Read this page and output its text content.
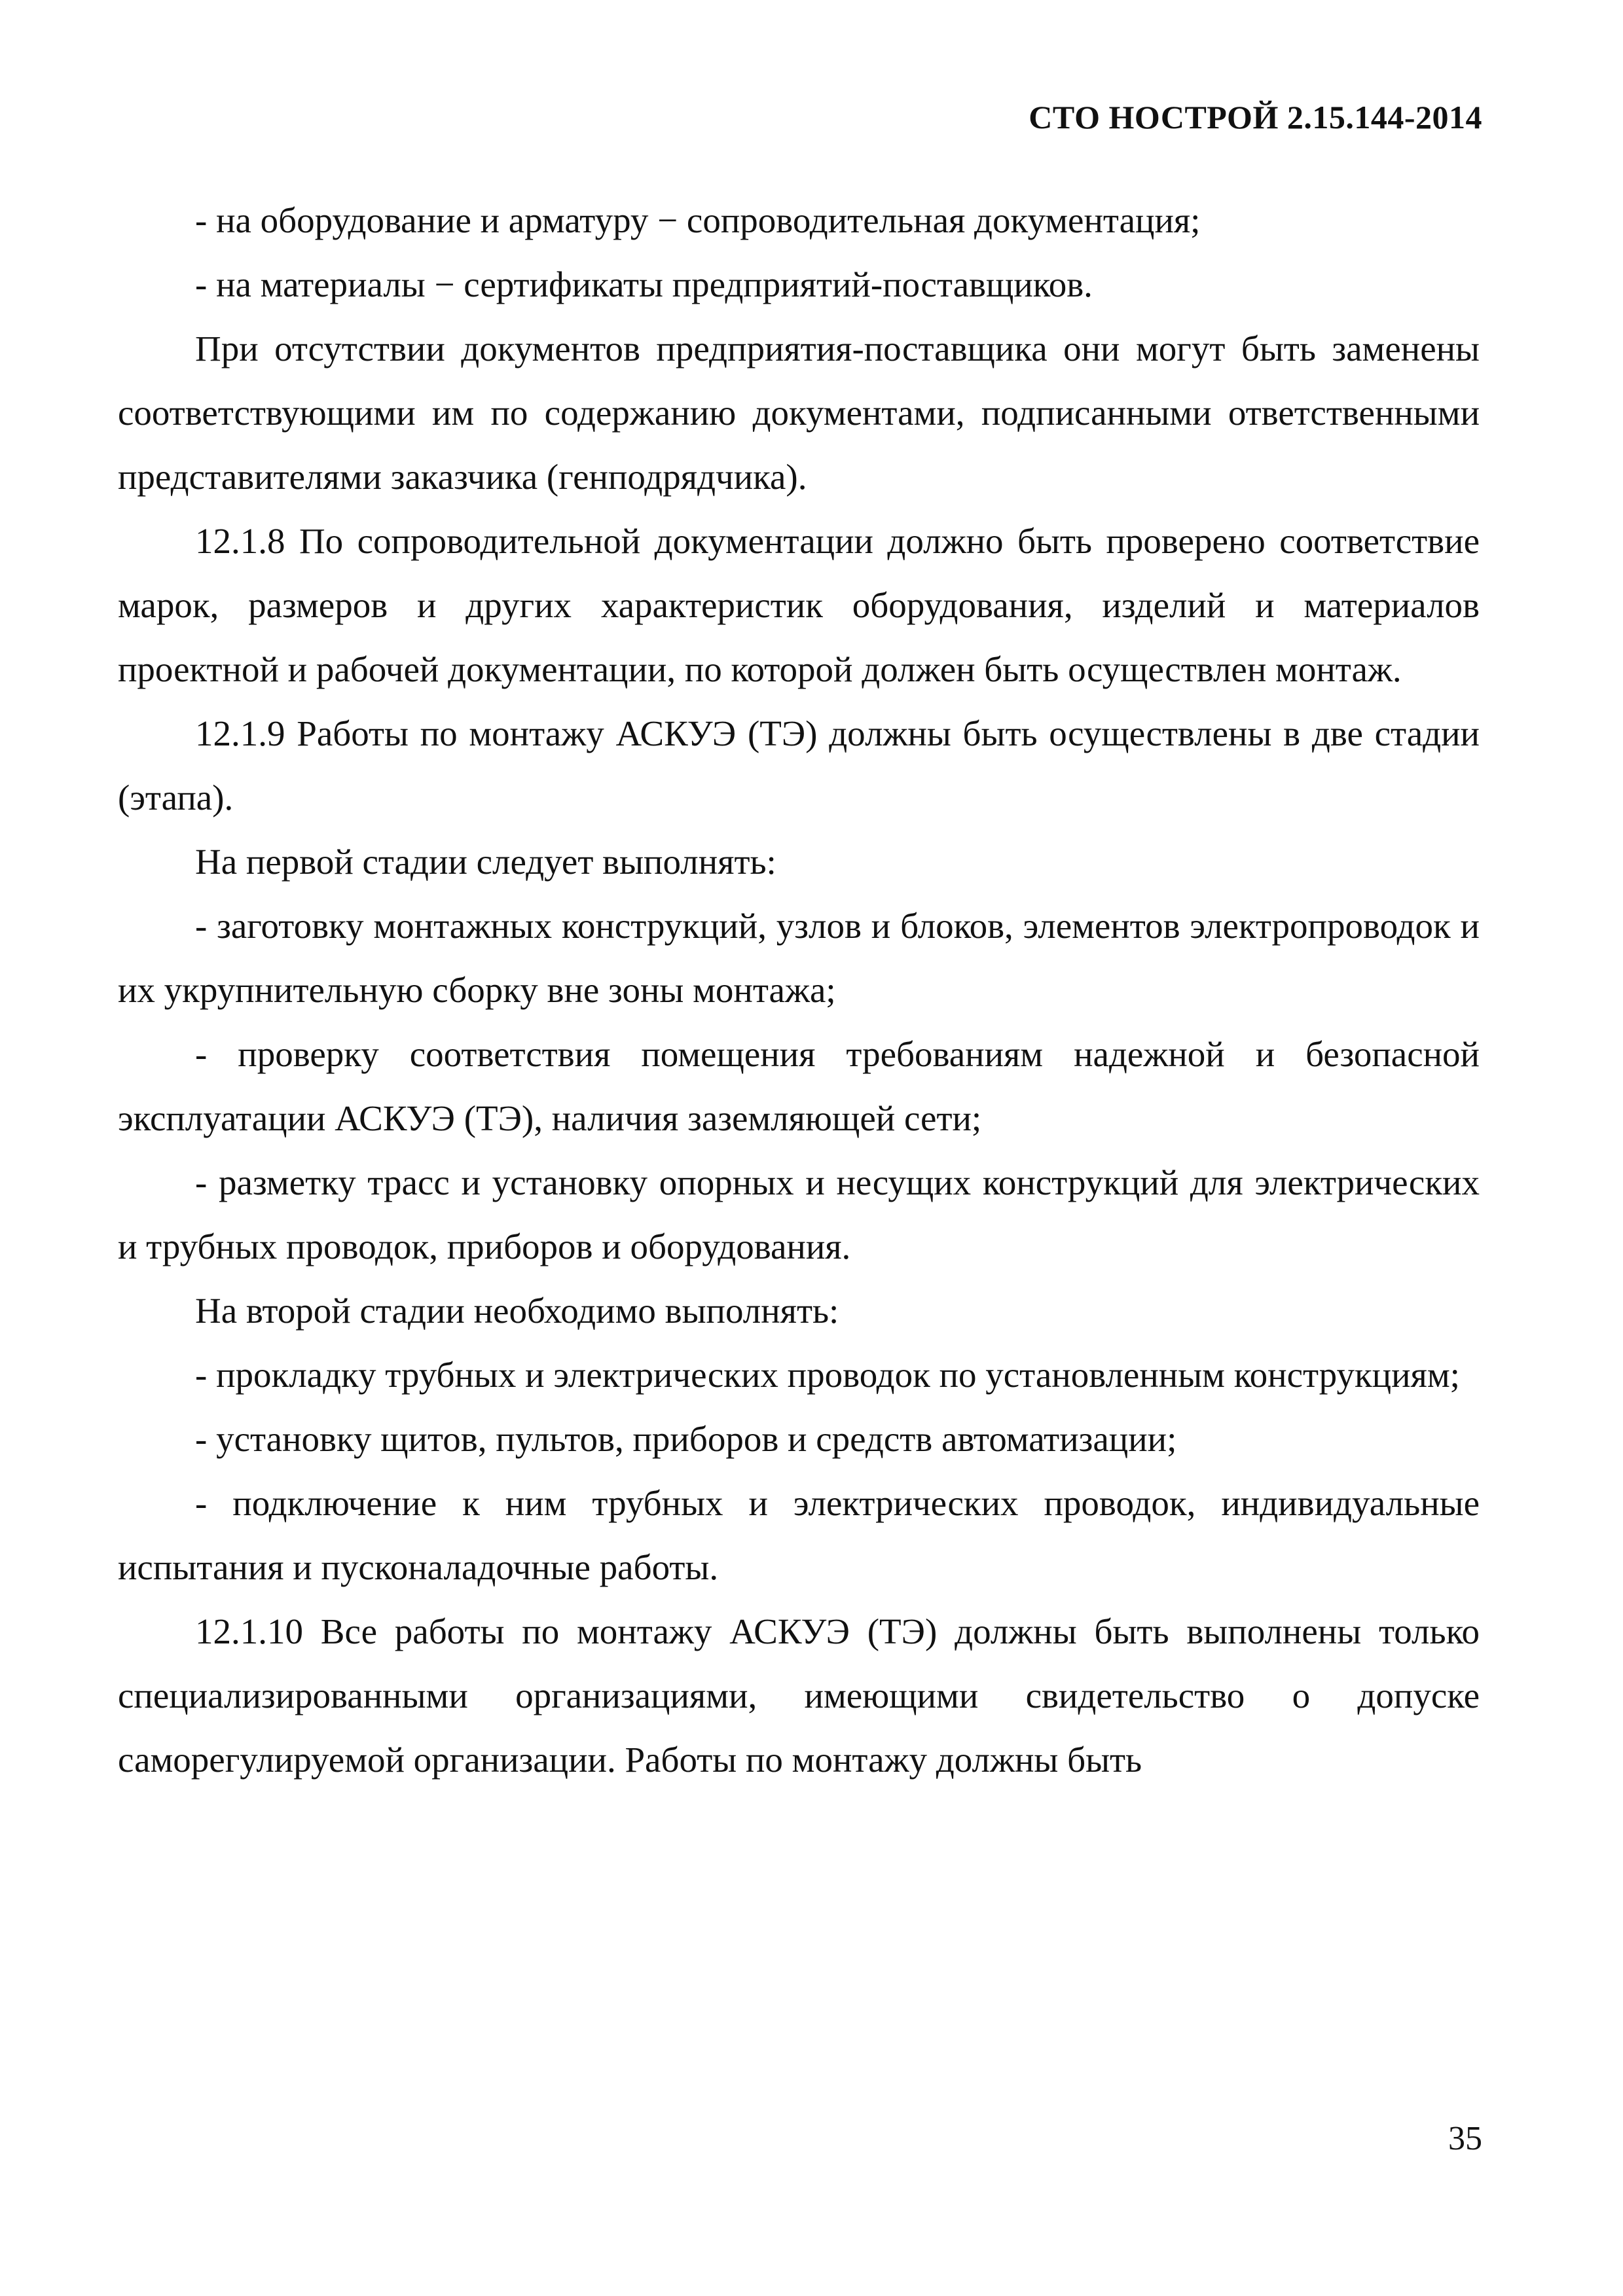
СТО НОСТРОЙ 2.15.144-2014

- на оборудование и арматуру − сопроводительная документация;

- на материалы − сертификаты предприятий-поставщиков.

При отсутствии документов предприятия-поставщика они могут быть заменены соответствующими им по содержанию документами, подписанными ответственными представителями заказчика (генподрядчика).

12.1.8 По сопроводительной документации должно быть проверено соответствие марок, размеров и других характеристик оборудования, изделий и материалов проектной и рабочей документации, по которой должен быть осуществлен монтаж.

12.1.9 Работы по монтажу АСКУЭ (ТЭ) должны быть осуществлены в две стадии (этапа).

На первой стадии следует выполнять:

- заготовку монтажных конструкций, узлов и блоков, элементов электропроводок и их укрупнительную сборку вне зоны монтажа;

- проверку соответствия помещения требованиям надежной и безопасной эксплуатации АСКУЭ (ТЭ), наличия заземляющей сети;

- разметку трасс и установку опорных и несущих конструкций для электрических и трубных проводок, приборов и оборудования.

На второй стадии необходимо выполнять:

- прокладку трубных и электрических проводок по установленным конструкциям;

- установку щитов, пультов, приборов и средств автоматизации;

- подключение к ним трубных и электрических проводок, индивидуальные испытания и пусконаладочные работы.

12.1.10 Все работы по монтажу АСКУЭ (ТЭ) должны быть выполнены только специализированными организациями, имеющими свидетельство о допуске саморегулируемой организации. Работы по монтажу должны быть

35
